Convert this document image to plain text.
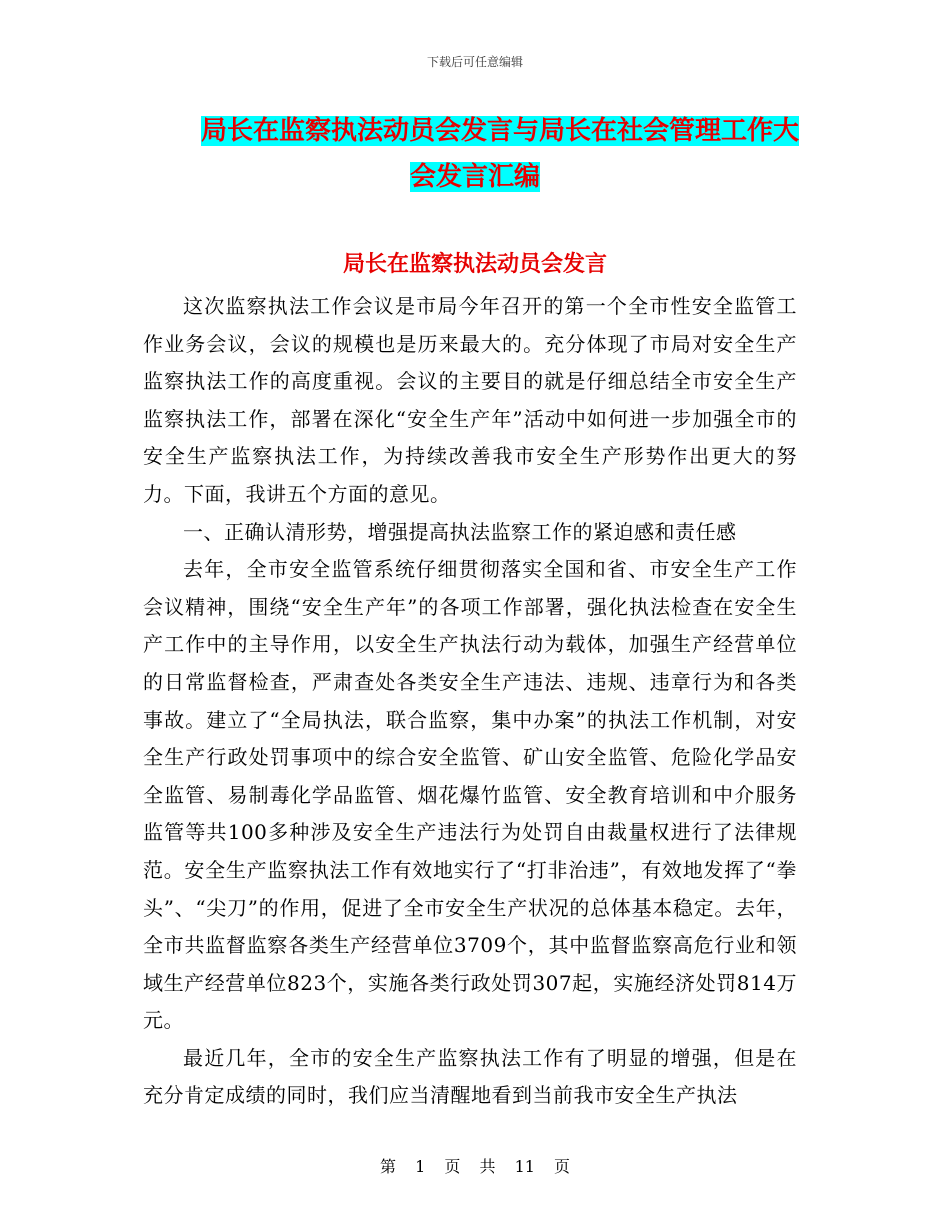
下载后可任意编辑
局长在监察执法动员会发言与局长在社会管理工作大
会发言汇编
局长在监察执法动员会发言

这次监察执法工作会议是市局今年召开的第一个全市性安全监管工作业务会议，会议的规模也是历来最大的。充分体现了市局对安全生产监察执法工作的高度重视。会议的主要目的就是仔细总结全市安全生产监察执法工作，部署在深化“安全生产年”活动中如何进一步加强全市的安全生产监察执法工作，为持续改善我市安全生产形势作出更大的努力。下面，我讲五个方面的意见。

一、正确认清形势，增强提高执法监察工作的紧迫感和责任感

去年，全市安全监管系统仔细贯彻落实全国和省、市安全生产工作会议精神，围绕“安全生产年”的各项工作部署，强化执法检查在安全生产工作中的主导作用，以安全生产执法行动为载体，加强生产经营单位的日常监督检查，严肃查处各类安全生产违法、违规、违章行为和各类事故。建立了“全局执法，联合监察，集中办案”的执法工作机制，对安全生产行政处罚事项中的综合安全监管、矿山安全监管、危险化学品安全监管、易制毒化学品监管、烟花爆竹监管、安全教育培训和中介服务监管等共100多种涉及安全生产违法行为处罚自由裁量权进行了法律规范。安全生产监察执法工作有效地实行了“打非治违”，有效地发挥了“拳头”、“尖刀”的作用，促进了全市安全生产状况的总体基本稳定。去年，全市共监督监察各类生产经营单位3709个，其中监督监察高危行业和领域生产经营单位823个，实施各类行政处罚307起，实施经济处罚814万元。

最近几年，全市的安全生产监察执法工作有了明显的增强，但是在充分肯定成绩的同时，我们应当清醒地看到当前我市安全生产执法

第 1 页 共 11 页
